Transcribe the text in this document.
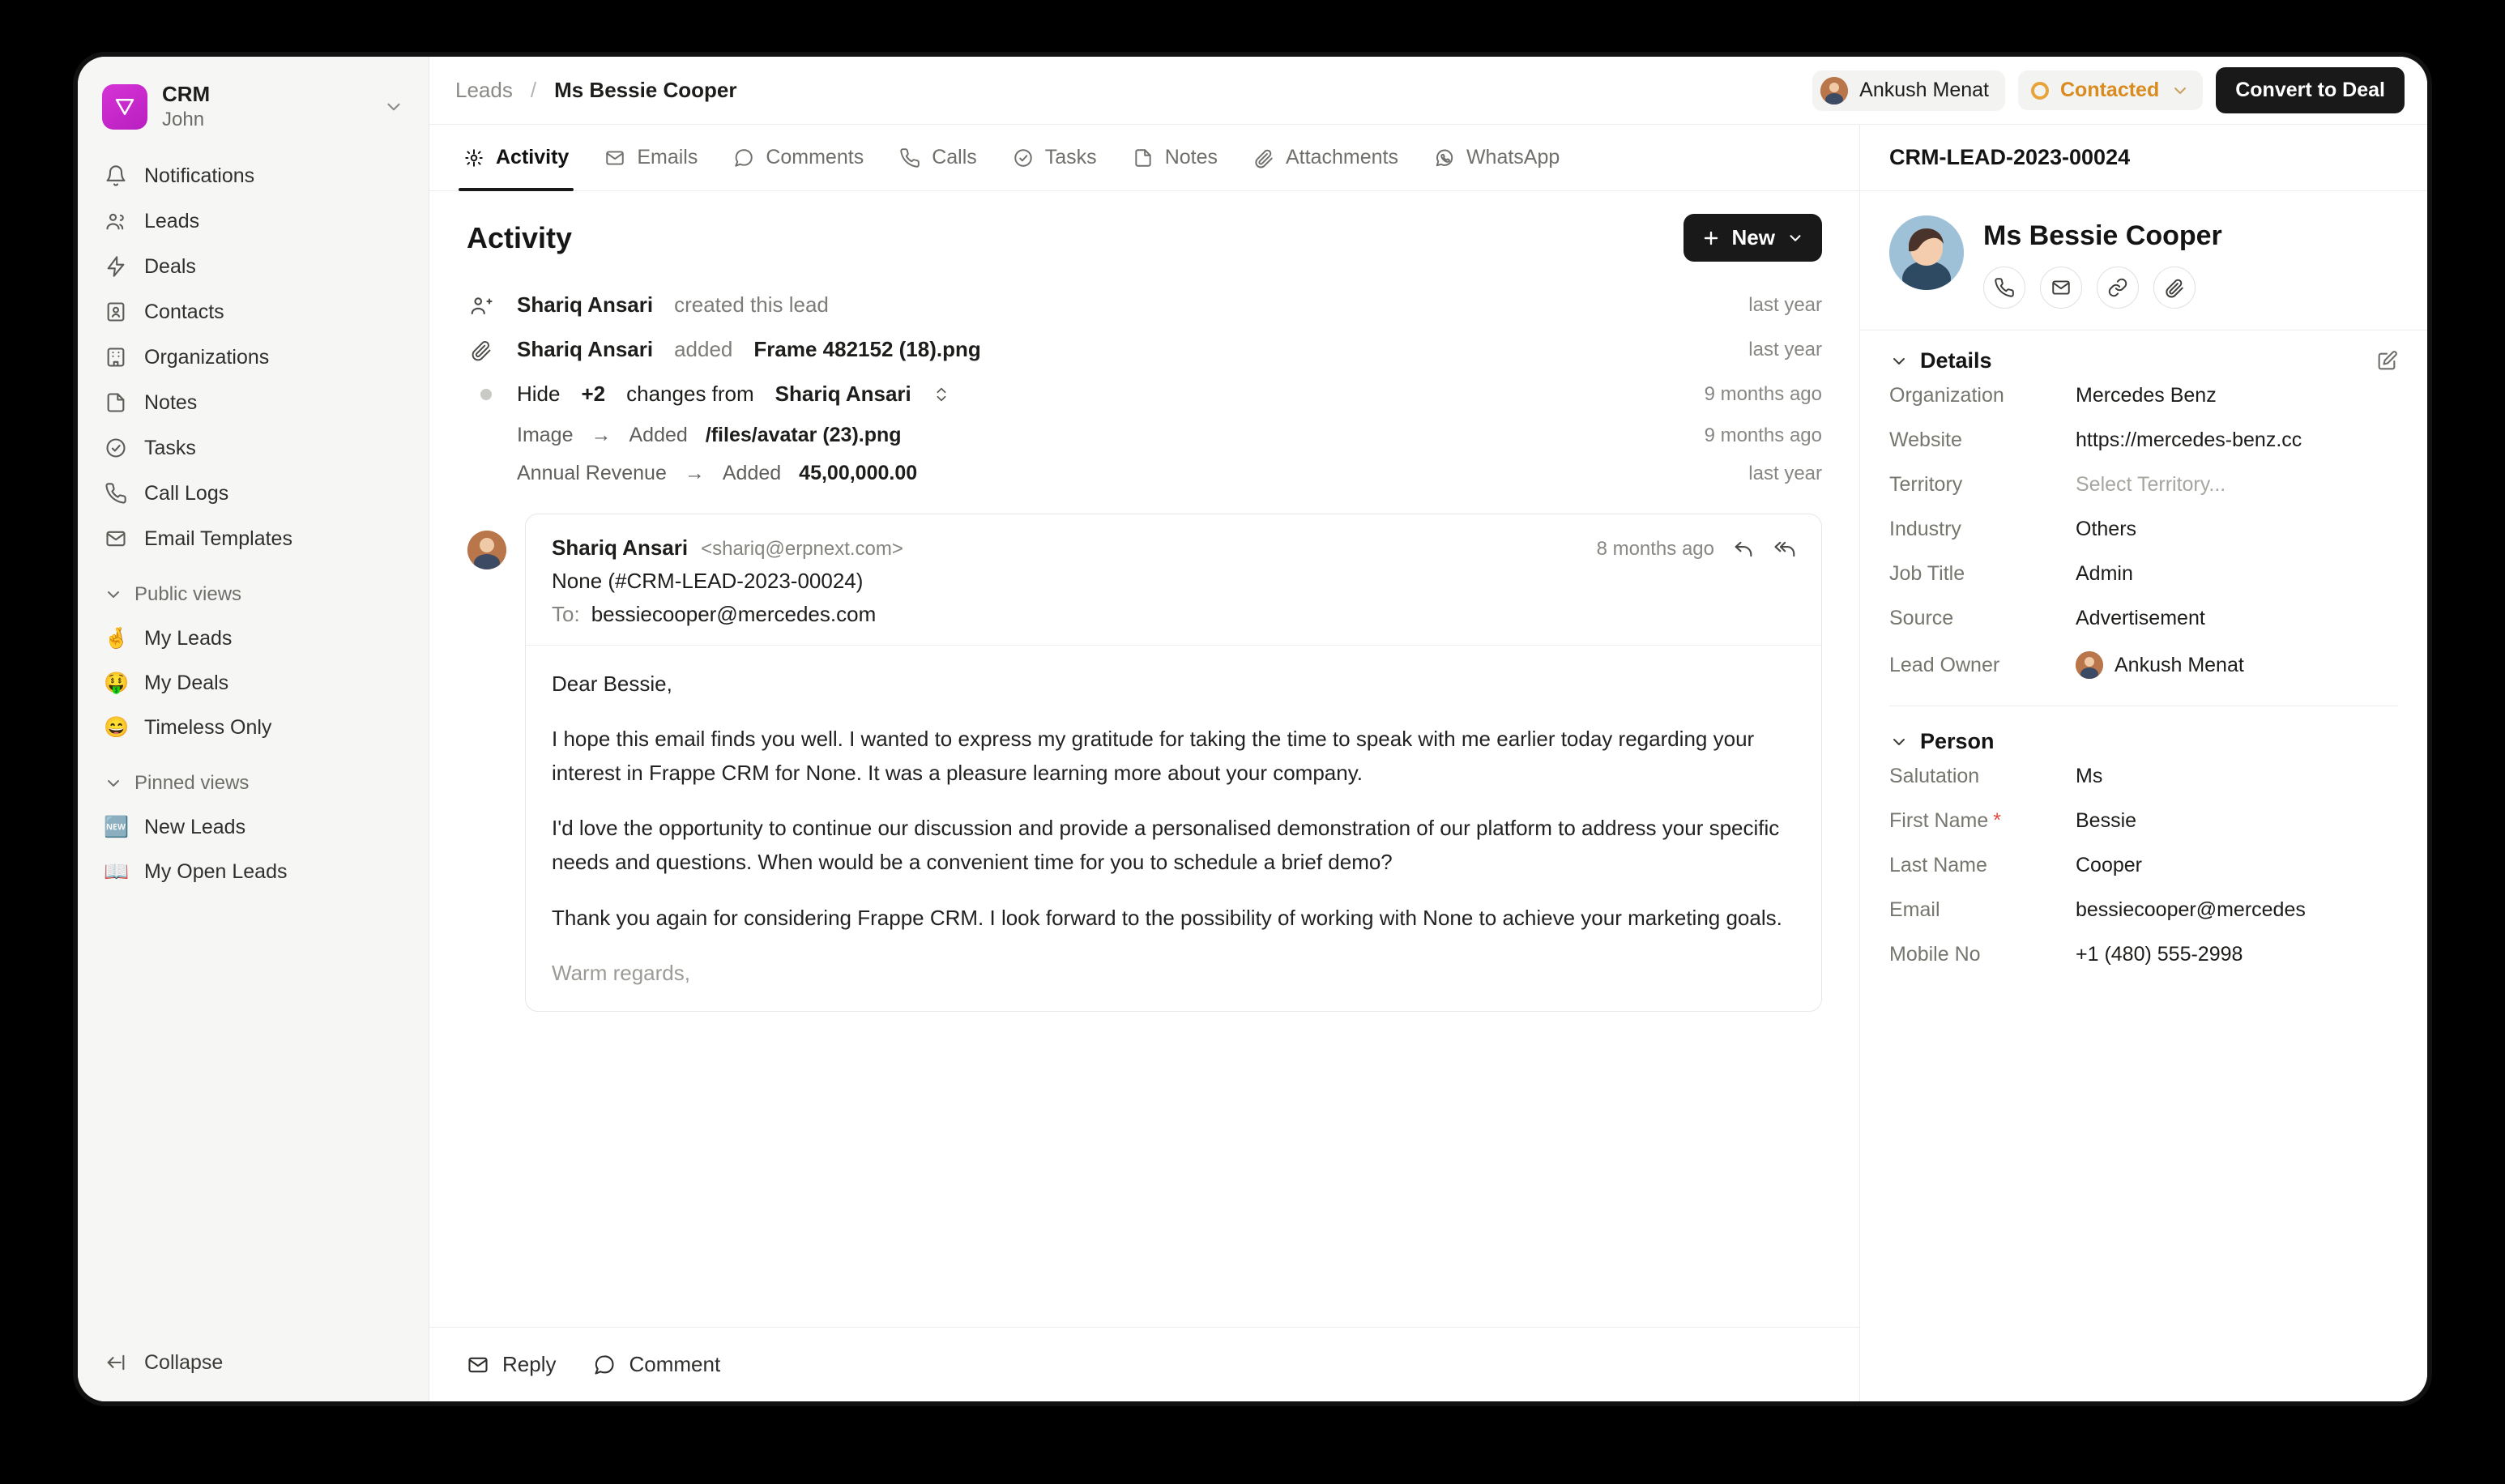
CRM
John
Notifications
Leads
Deals
Contacts
Organizations
Notes
Tasks
Call Logs
Email Templates
Public views
🤞 My Leads
🤑 My Deals
😄 Timeless Only
Pinned views
🆕 New Leads
📖 My Open Leads
Collapse
Leads / Ms Bessie Cooper	Ankush Menat	Contacted	Convert to Deal
Activity	Emails	Comments	Calls	Tasks	Notes	Attachments	WhatsApp
Activity	New
Shariq Ansari created this lead	last year
Shariq Ansari added Frame 482152 (18).png	last year
Hide +2 changes from Shariq Ansari	9 months ago
Image → Added /files/avatar (23).png	9 months ago
Annual Revenue → Added 45,00,000.00	last year
Shariq Ansari <shariq@erpnext.com>	8 months ago
None (#CRM-LEAD-2023-00024)
To: bessiecooper@mercedes.com

Dear Bessie,

I hope this email finds you well. I wanted to express my gratitude for taking the time to speak with me earlier today regarding your interest in Frappe CRM for None. It was a pleasure learning more about your company.

I'd love the opportunity to continue our discussion and provide a personalised demonstration of our platform to address your specific needs and questions. When would be a convenient time for you to schedule a brief demo?

Thank you again for considering Frappe CRM. I look forward to the possibility of working with None to achieve your marketing goals.

Warm regards,

Reply	Comment
CRM-LEAD-2023-00024
Ms Bessie Cooper
Details
Organization	Mercedes Benz
Website	https://mercedes-benz.cc
Territory	Select Territory...
Industry	Others
Job Title	Admin
Source	Advertisement
Lead Owner	Ankush Menat
Person
Salutation	Ms
First Name *	Bessie
Last Name	Cooper
Email	bessiecooper@mercedes
Mobile No	+1 (480) 555-2998
